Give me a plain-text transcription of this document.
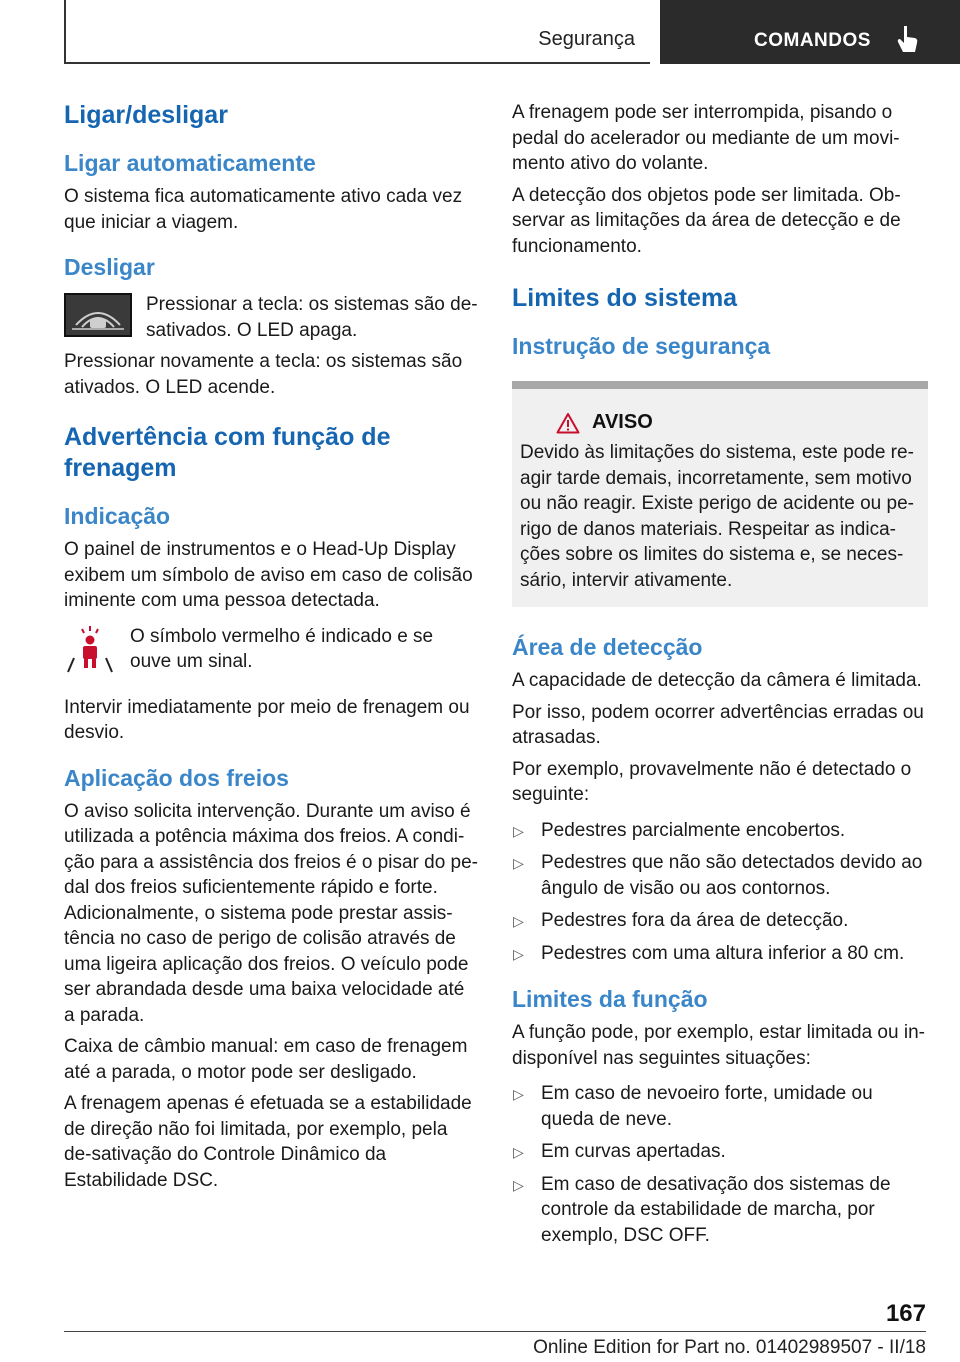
Segurança	COMANDOS
Ligar/desligar
Ligar automaticamente

O sistema fica automaticamente ativo cada vez que iniciar a viagem.

Desligar

Pressionar a tecla: os sistemas são de-sativados. O LED apaga.

Pressionar novamente a tecla: os sistemas são ativados. O LED acende.

Advertência com função de frenagem
Indicação

O painel de instrumentos e o Head-Up Display exibem um símbolo de aviso em caso de colisão iminente com uma pessoa detectada.

O símbolo vermelho é indicado e se ouve um sinal.

Intervir imediatamente por meio de frenagem ou desvio.

Aplicação dos freios

O aviso solicita intervenção. Durante um aviso é utilizada a potência máxima dos freios. A condi-ção para a assistência dos freios é o pisar do pe-dal dos freios suficientemente rápido e forte. Adicionalmente, o sistema pode prestar assis-tência no caso de perigo de colisão através de uma ligeira aplicação dos freios. O veículo pode ser abrandada desde uma baixa velocidade até a parada.

Caixa de câmbio manual: em caso de frenagem até a parada, o motor pode ser desligado.

A frenagem apenas é efetuada se a estabilidade de direção não foi limitada, por exemplo, pela de-sativação do Controle Dinâmico da Estabilidade DSC.

A frenagem pode ser interrompida, pisando o pedal do acelerador ou mediante de um movi-mento ativo do volante.

A detecção dos objetos pode ser limitada. Ob-servar as limitações da área de detecção e de funcionamento.

Limites do sistema
Instrução de segurança
AVISO

Devido às limitações do sistema, este pode re-agir tarde demais, incorretamente, sem motivo ou não reagir. Existe perigo de acidente ou pe-rigo de danos materiais. Respeitar as indica-ções sobre os limites do sistema e, se neces-sário, intervir ativamente.

Área de detecção

A capacidade de detecção da câmera é limitada.

Por isso, podem ocorrer advertências erradas ou atrasadas.

Por exemplo, provavelmente não é detectado o seguinte:

▷ Pedestres parcialmente encobertos.
▷ Pedestres que não são detectados devido ao ângulo de visão ou aos contornos.
▷ Pedestres fora da área de detecção.
▷ Pedestres com uma altura inferior a 80 cm.
Limites da função

A função pode, por exemplo, estar limitada ou in-disponível nas seguintes situações:

▷ Em caso de nevoeiro forte, umidade ou queda de neve.
▷ Em curvas apertadas.
▷ Em caso de desativação dos sistemas de controle da estabilidade de marcha, por exemplo, DSC OFF.
167
Online Edition for Part no. 01402989507 - II/18
